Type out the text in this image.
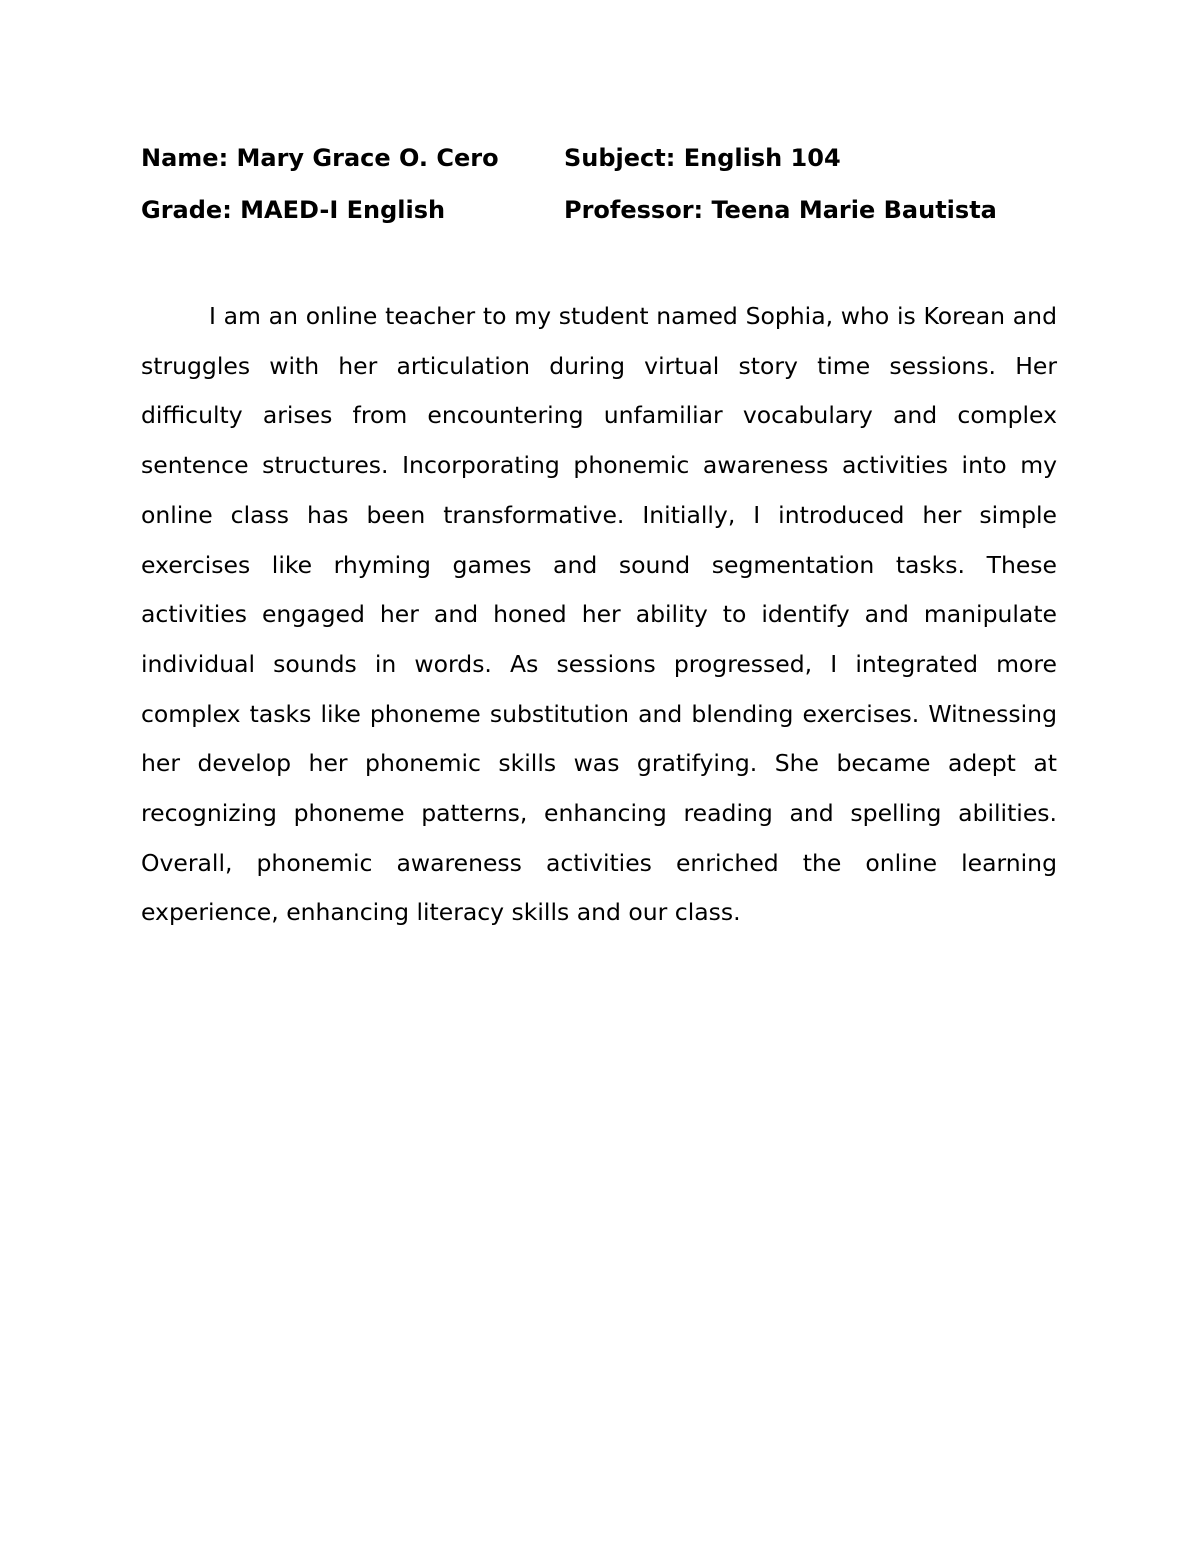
Name: Mary Grace O. Cero	Subject: English 104
Grade: MAED-I English	Professor: Teena Marie Bautista

I am an online teacher to my student named Sophia, who is Korean and struggles with her articulation during virtual story time sessions. Her difficulty arises from encountering unfamiliar vocabulary and complex sentence structures. Incorporating phonemic awareness activities into my online class has been transformative. Initially, I introduced her simple exercises like rhyming games and sound segmentation tasks. These activities engaged her and honed her ability to identify and manipulate individual sounds in words. As sessions progressed, I integrated more complex tasks like phoneme substitution and blending exercises. Witnessing her develop her phonemic skills was gratifying. She became adept at recognizing phoneme patterns, enhancing reading and spelling abilities. Overall, phonemic awareness activities enriched the online learning experience, enhancing literacy skills and our class.
